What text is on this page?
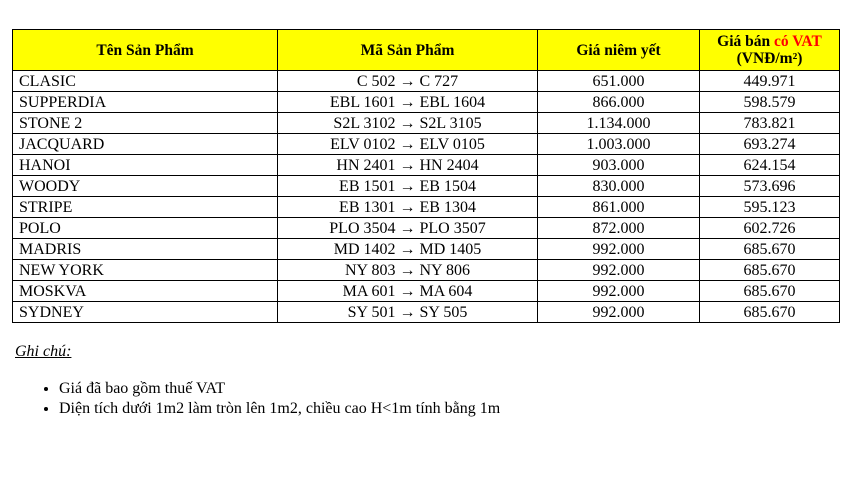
Tên Sản Phẩm	Mã Sản Phẩm	Giá niêm yết	Giá bán có VAT
(VNĐ/m²)
CLASIC	C 502 → C 727	651.000	449.971
SUPPERDIA	EBL 1601 → EBL 1604	866.000	598.579
STONE 2	S2L 3102 → S2L 3105	1.134.000	783.821
JACQUARD	ELV 0102 → ELV 0105	1.003.000	693.274
HANOI	HN 2401 → HN 2404	903.000	624.154
WOODY	EB 1501 → EB 1504	830.000	573.696
STRIPE	EB 1301 → EB 1304	861.000	595.123
POLO	PLO 3504 → PLO 3507	872.000	602.726
MADRIS	MD 1402 → MD 1405	992.000	685.670
NEW YORK	NY 803 → NY 806	992.000	685.670
MOSKVA	MA 601 → MA 604	992.000	685.670
SYDNEY	SY 501 → SY 505	992.000	685.670
Ghi chú:
• Giá đã bao gồm thuế VAT
• Diện tích dưới 1m2 làm tròn lên 1m2, chiều cao H<1m tính bằng 1m
